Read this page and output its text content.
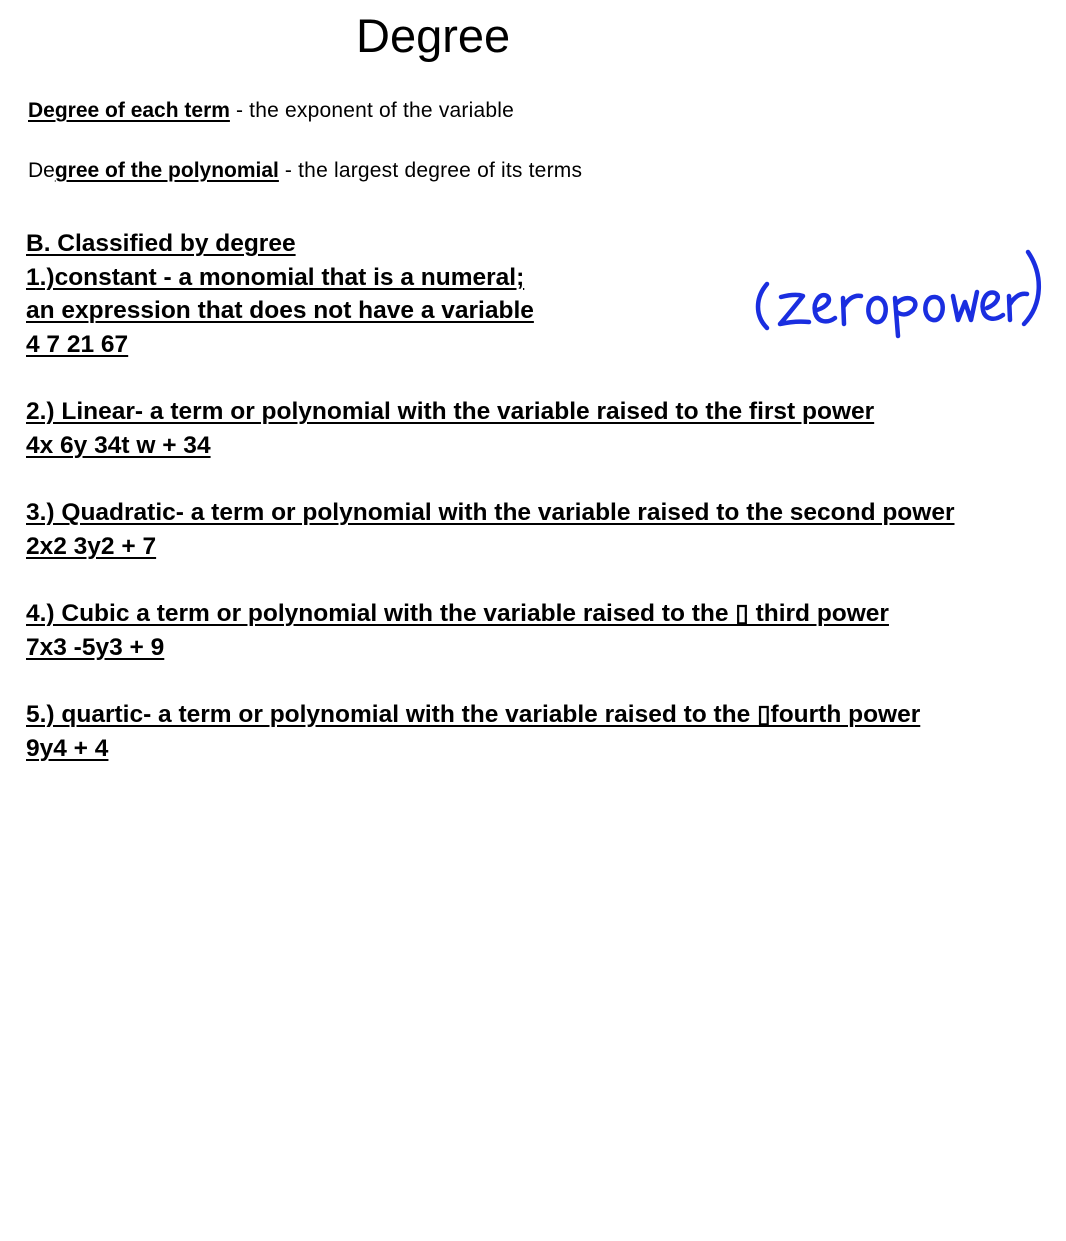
Degree
Degree of each term - the exponent of the variable
Degree of the polynomial - the largest degree of its terms
B. Classified by degree
1.)constant - a monomial that is a numeral;
an expression that does not have a variable
4 7 21 67
2.) Linear- a term or polynomial with the variable raised to the first power
4x 6y 34t w + 34
3.) Quadratic- a term or polynomial with the variable raised to the second power
2x2 3y2 + 7
4.) Cubic a term or polynomial with the variable raised to the ▯ third power
7x3 -5y3 + 9
5.) quartic- a term or polynomial with the variable raised to the ▯fourth power
9y4 + 4
